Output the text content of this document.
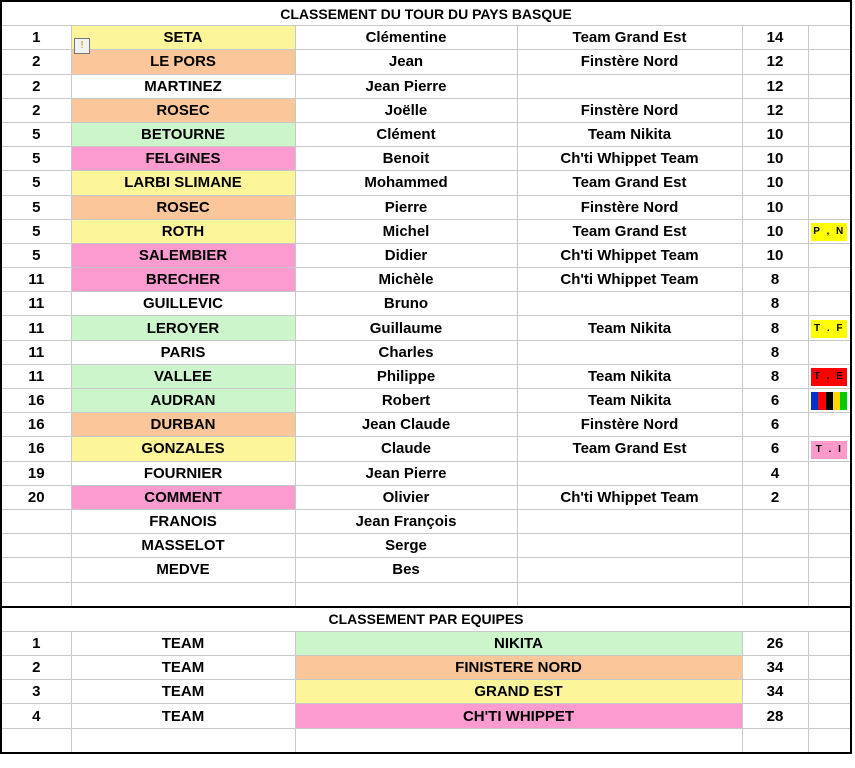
CLASSEMENT DU TOUR DU PAYS BASQUE					
1	SETA	Clémentine	Team Grand Est	14	
2	LE PORS	Jean	Finstère Nord	12	
2	MARTINEZ	Jean Pierre		12	
2	ROSEC	Joëlle	Finstère Nord	12	
5	BETOURNE	Clément	Team Nikita	10	
5	FELGINES	Benoit	Ch'ti Whippet Team	10	
5	LARBI SLIMANE	Mohammed	Team Grand Est	10	
5	ROSEC	Pierre	Finstère Nord	10	
5	ROTH	Michel	Team Grand Est	10	P , N
5	SALEMBIER	Didier	Ch'ti Whippet Team	10	
11	BRECHER	Michèle	Ch'ti Whippet Team	8	
11	GUILLEVIC	Bruno		8	
11	LEROYER	Guillaume	Team Nikita	8	T . F
11	PARIS	Charles		8	
11	VALLEE	Philippe	Team Nikita	8	T . E
16	AUDRAN	Robert	Team Nikita	6	

16	DURBAN	Jean Claude	Finstère Nord	6	
16	GONZALES	Claude	Team Grand Est	6	T . I
19	FOURNIER	Jean Pierre		4	
20	COMMENT	Olivier	Ch'ti Whippet Team	2	
	FRANOIS	Jean François			
	MASSELOT	Serge			
	MEDVE	Bes			

CLASSEMENT PAR EQUIPES					
1	TEAM	NIKITA		26	
2	TEAM	FINISTERE NORD		34	
3	TEAM	GRAND EST		34	
4	TEAM	CH'TI WHIPPET		28	

!
